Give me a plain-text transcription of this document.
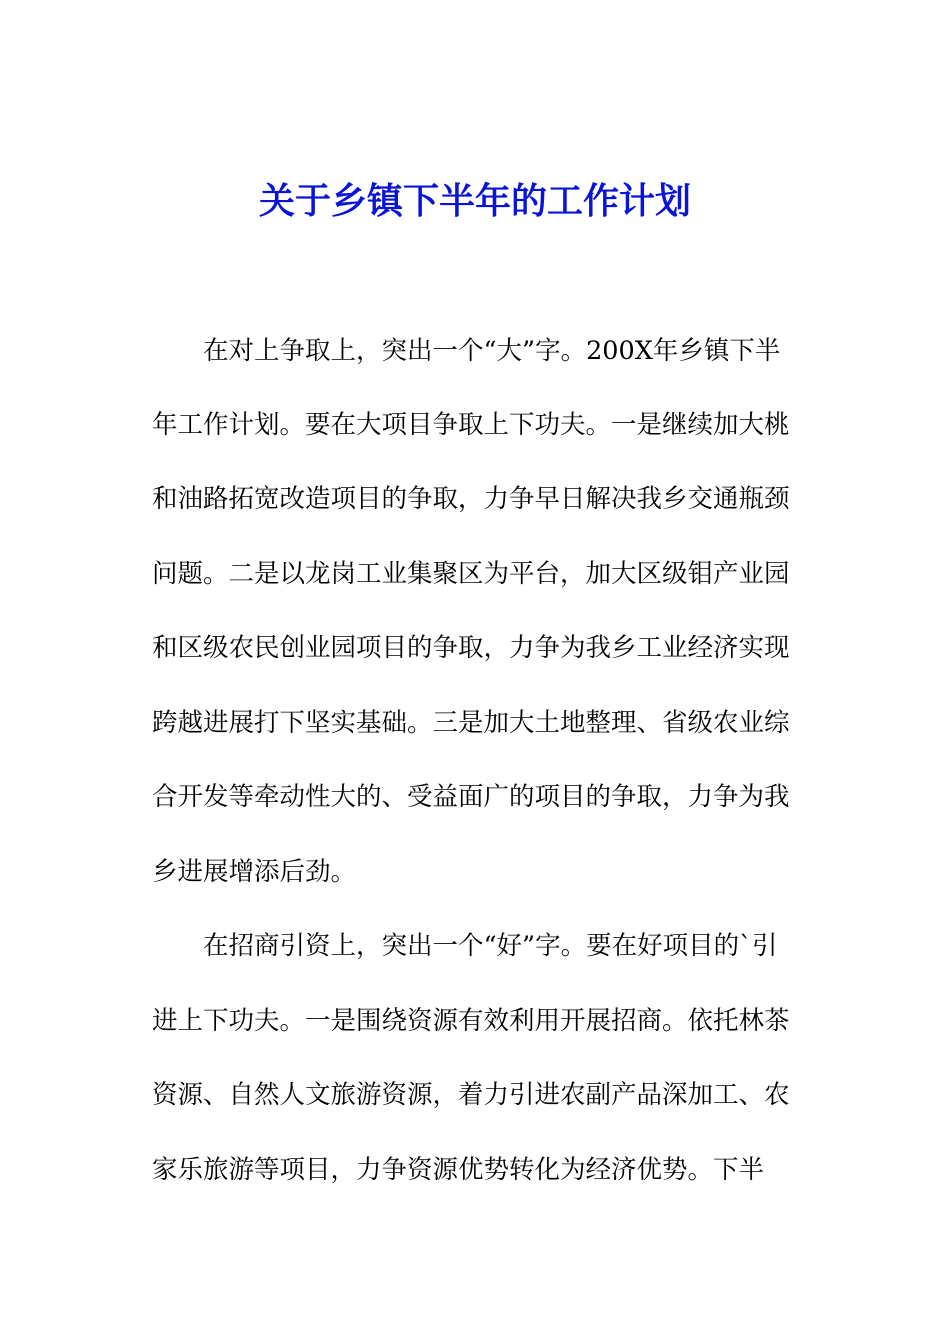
关于乡镇下半年的工作计划

在对上争取上，突出一个“大”字。200X年乡镇下半

年工作计划。要在大项目争取上下功夫。一是继续加大桃

和油路拓宽改造项目的争取，力争早日解决我乡交通瓶颈

问题。二是以龙岗工业集聚区为平台，加大区级钼产业园

和区级农民创业园项目的争取，力争为我乡工业经济实现

跨越进展打下坚实基础。三是加大土地整理、省级农业综

合开发等牵动性大的、受益面广的项目的争取，力争为我

乡进展增添后劲。

在招商引资上，突出一个“好”字。要在好项目的`引

进上下功夫。一是围绕资源有效利用开展招商。依托林茶

资源、自然人文旅游资源，着力引进农副产品深加工、农

家乐旅游等项目，力争资源优势转化为经济优势。下半
